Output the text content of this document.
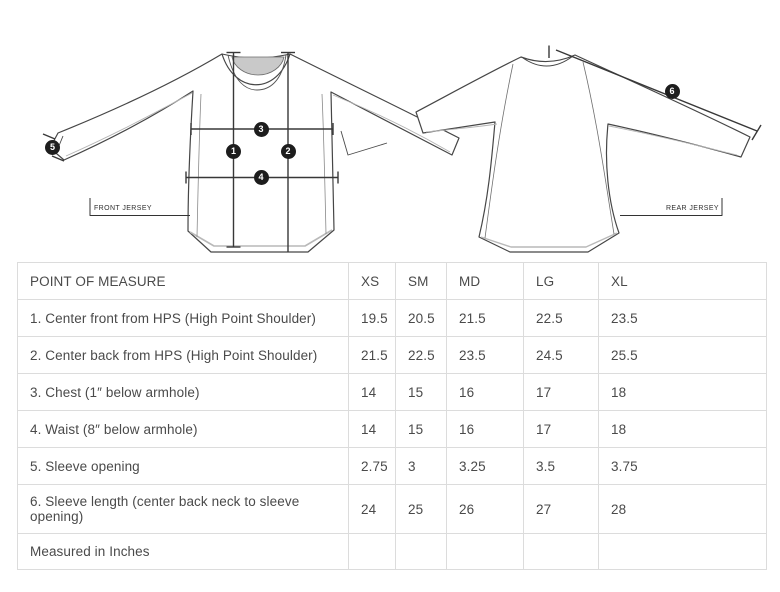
1	2
3
4
5
6
FRONT JERSEY	REAR JERSEY
POINT OF MEASURE	XS	SM	MD	LG	XL
1. Center front from HPS (High Point Shoulder)	19.5	20.5	21.5	22.5	23.5
2. Center back from HPS (High Point Shoulder)	21.5	22.5	23.5	24.5	25.5
3. Chest (1″ below armhole)	14	15	16	17	18
4. Waist (8″ below armhole)	14	15	16	17	18
5. Sleeve opening	2.75	3	3.25	3.5	3.75
6. Sleeve length (center back neck to sleeve opening)	24	25	26	27	28
Measured in Inches					
